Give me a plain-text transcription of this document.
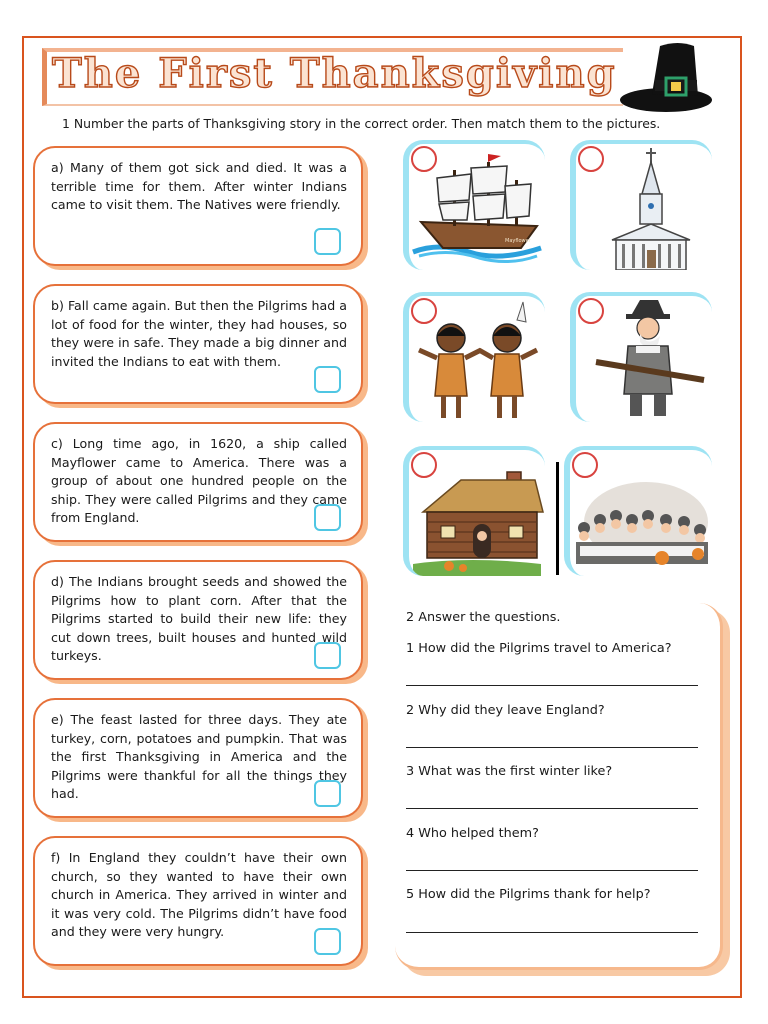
The First Thanksgiving
1 Number the parts of Thanksgiving story in the correct order. Then match them to the pictures.

a) Many of them got sick and died. It was a terrible time for them. After winter Indians came to visit them. The Natives were friendly.

b) Fall came again. But then the Pilgrims had a lot of food for the winter, they had houses, so they were in safe. They made a big dinner and invited the Indians to eat with them.

c) Long time ago, in 1620, a ship called Mayflower came to America. There was a group of about one hundred people on the ship. They were called Pilgrims and they came from England.

d) The Indians brought seeds and showed the Pilgrims how to plant corn. After that the Pilgrims started to build their new life: they cut down trees, built houses and hunted wild turkeys.

e) The feast lasted for three days. They ate turkey, corn, potatoes and pumpkin. That was the first Thanksgiving in America and the Pilgrims were thankful for all the things they had.

f) In England they couldn’t have their own church, so they wanted to have their own church in America. They arrived in winter and it was very cold. The Pilgrims didn’t have food and they were very hungry.

Mayflower
2 Answer the questions.
1 How did the Pilgrims travel to America?
2 Why did they leave England?
3 What was the first winter like?
4 Who helped them?
5 How did the Pilgrims thank for help?
